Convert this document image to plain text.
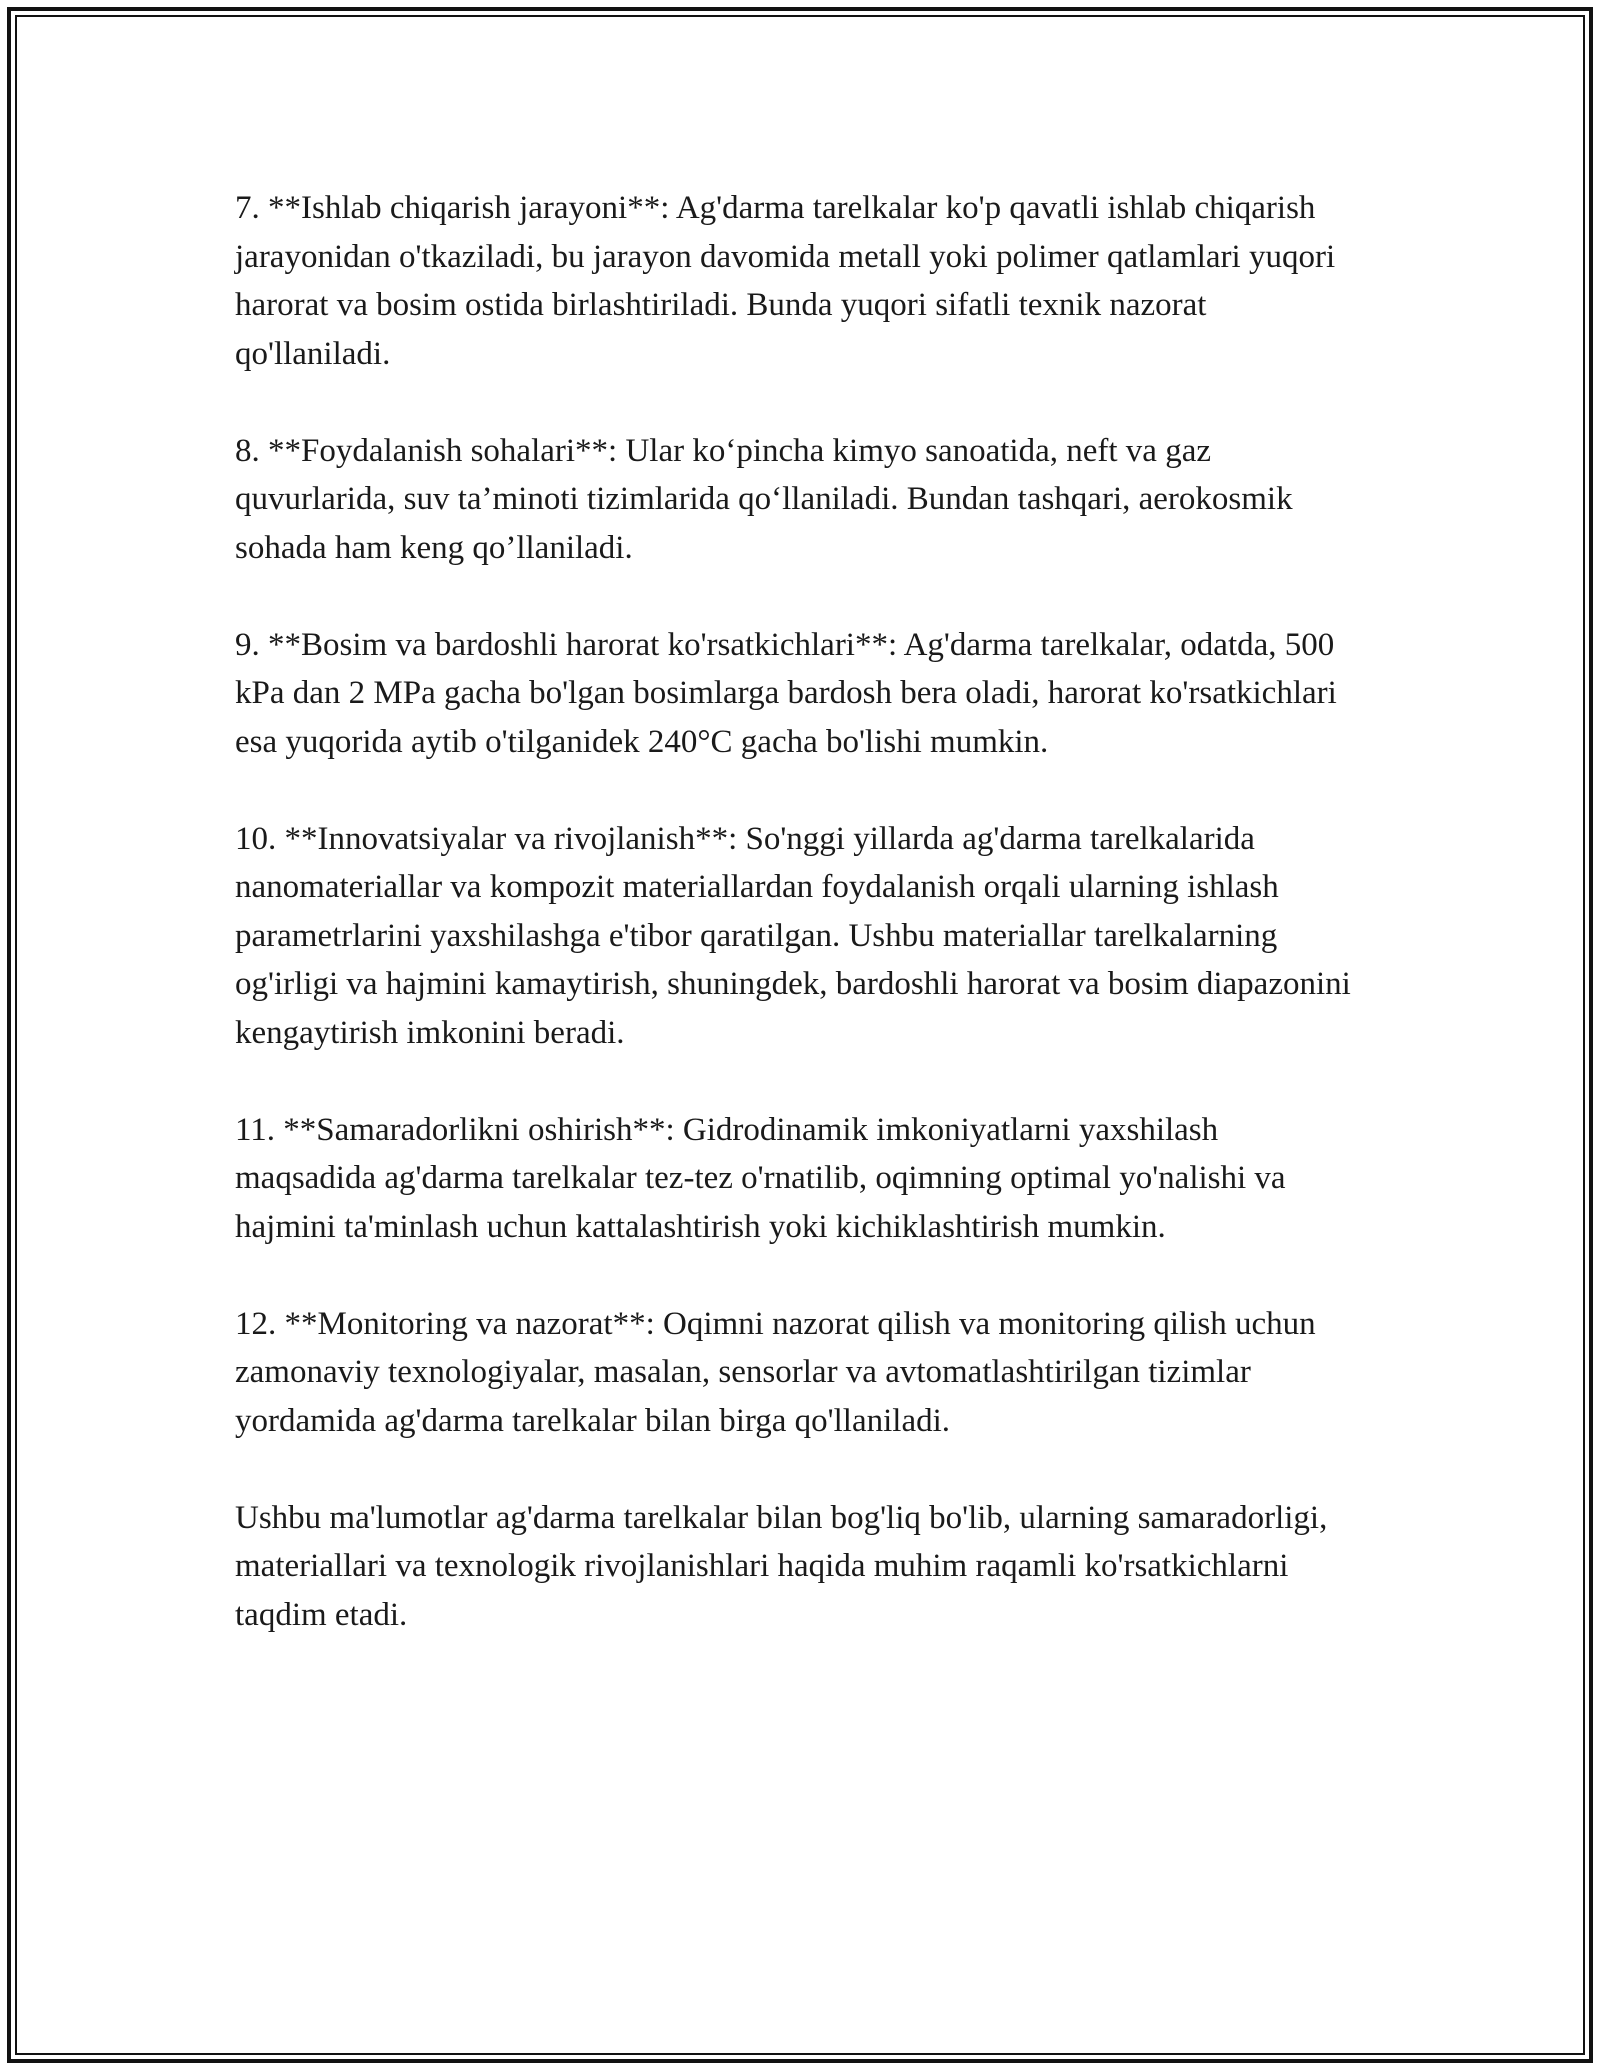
7. **Ishlab chiqarish jarayoni**: Ag'darma tarelkalar ko'p qavatli ishlab chiqarish jarayonidan o'tkaziladi, bu jarayon davomida metall yoki polimer qatlamlari yuqori harorat va bosim ostida birlashtiriladi. Bunda yuqori sifatli texnik nazorat qo'llaniladi.

8. **Foydalanish sohalari**: Ular ko‘pincha kimyo sanoatida, neft va gaz quvurlarida, suv ta’minoti tizimlarida qo‘llaniladi. Bundan tashqari, aerokosmik sohada ham keng qo’llaniladi.

9. **Bosim va bardoshli harorat ko'rsatkichlari**: Ag'darma tarelkalar, odatda, 500 kPa dan 2 MPa gacha bo'lgan bosimlarga bardosh bera oladi, harorat ko'rsatkichlari esa yuqorida aytib o'tilganidek 240°C gacha bo'lishi mumkin.

10. **Innovatsiyalar va rivojlanish**: So'nggi yillarda ag'darma tarelkalarida nanomateriallar va kompozit materiallardan foydalanish orqali ularning ishlash parametrlarini yaxshilashga e'tibor qaratilgan. Ushbu materiallar tarelkalarning og'irligi va hajmini kamaytirish, shuningdek, bardoshli harorat va bosim diapazonini kengaytirish imkonini beradi.

11. **Samaradorlikni oshirish**: Gidrodinamik imkoniyatlarni yaxshilash maqsadida ag'darma tarelkalar tez-tez o'rnatilib, oqimning optimal yo'nalishi va hajmini ta'minlash uchun kattalashtirish yoki kichiklashtirish mumkin.

12. **Monitoring va nazorat**: Oqimni nazorat qilish va monitoring qilish uchun zamonaviy texnologiyalar, masalan, sensorlar va avtomatlashtirilgan tizimlar yordamida ag'darma tarelkalar bilan birga qo'llaniladi.

Ushbu ma'lumotlar ag'darma tarelkalar bilan bog'liq bo'lib, ularning samaradorligi, materiallari va texnologik rivojlanishlari haqida muhim raqamli ko'rsatkichlarni taqdim etadi.
